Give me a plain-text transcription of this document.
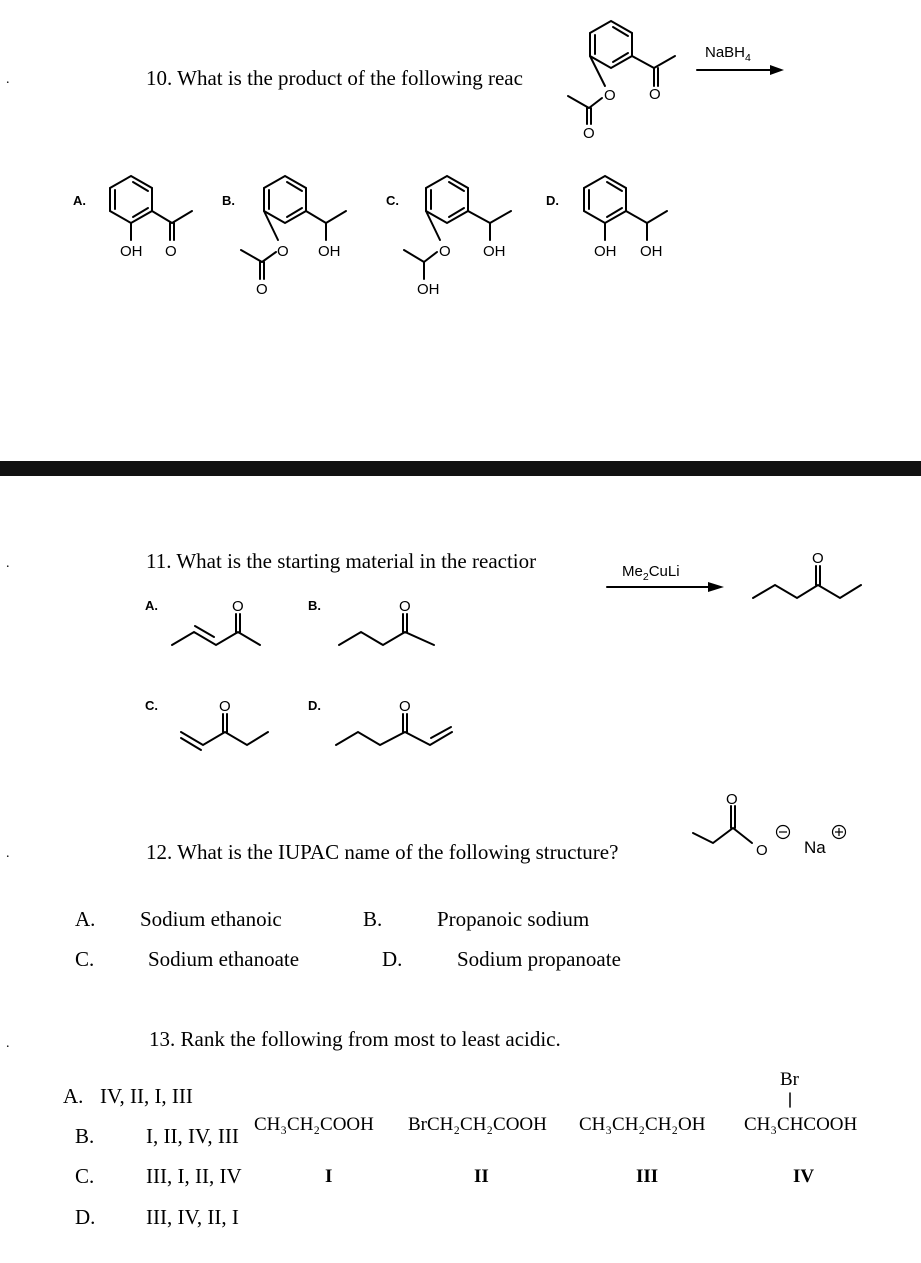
.
.
.
.
10. What is the product of the following reac
NaBH$_4$
A.	B.	C.	D.
O O
O
OH O	O OH
O
O OH
OH
OH OH
O
O	O
O	O
O
O
11. What is the starting material in the reactior	$Me_2CuLi$
A.	B.
C.	D.
12. What is the IUPAC name of the following structure?	Na
A. Sodium ethanoic	B.	Propanoic sodium
C.	Sodium ethanoate	D.	Sodium propanoate
13. Rank the following from most to least acidic.
A. IV, II, I, III
B. I, II, IV, III
C. III, I, II, IV
D. III, IV, II, I
CH₃CH₂COOH BrCH₂CH₂COOH CH₃CH₂CH₂OH CH₃CHCOOH
Br
I	II	III	IV
